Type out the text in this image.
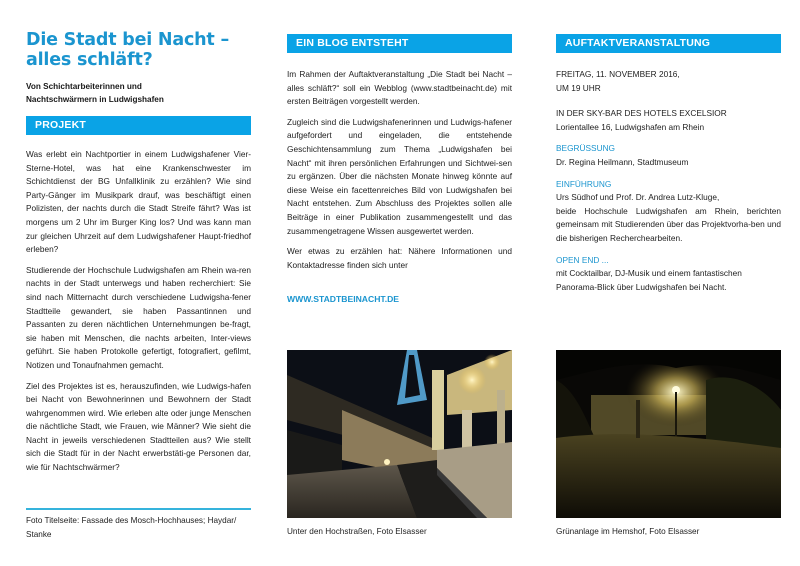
Die Stadt bei Nacht –
alles schläft?
Von Schichtarbeiterinnen und
Nachtschwärmern in Ludwigshafen
PROJEKT

Was erlebt ein Nachtportier in einem Ludwigshafener Vier-Sterne-Hotel, was hat eine Krankenschwester im Schichtdienst der BG Unfallklinik zu erzählen? Wie sind Party-Gänger im Musikpark drauf, was beschäftigt einen Polizisten, der nachts durch die Stadt Streife fährt? Was ist morgens um 2 Uhr im Burger King los? Und was kann man zur gleichen Uhrzeit auf dem Ludwigshafener Haupt-friedhof erleben?

Studierende der Hochschule Ludwigshafen am Rhein wa-ren nachts in der Stadt unterwegs und haben recherchiert: Sie sind nach Mitternacht durch verschiedene Ludwigsha-fener Stadtteile gewandert, sie haben Passantinnen und Passanten zu deren nächtlichen Unternehmungen be-fragt, sie haben mit Menschen, die nachts arbeiten, Inter-views geführt. Sie haben Protokolle gefertigt, fotografiert, gefilmt, Notizen und Tonaufnahmen gemacht.

Ziel des Projektes ist es, herauszufinden, wie Ludwigs-hafen bei Nacht von Bewohnerinnen und Bewohnern der Stadt wahrgenommen wird. Wie erleben alte oder junge Menschen die nächtliche Stadt, wie Frauen, wie Männer? Wie sieht die Nacht in jeweils verschiedenen Stadtteilen aus? Wie stellt sich die Stadt für in der Nacht erwerbstäti-ge Personen dar, wie für Nachtschwärmer?

Foto Titelseite: Fassade des Mosch-Hochhauses; Haydar/ Stanke
EIN BLOG ENTSTEHT

Im Rahmen der Auftaktveranstaltung „Die Stadt bei Nacht – alles schläft?“ soll ein Webblog (www.stadtbeinacht.de) mit ersten Beiträgen vorgestellt werden.

Zugleich sind die Ludwigshafenerinnen und Ludwigs-hafener aufgefordert und eingeladen, die entstehende Geschichtensammlung zum Thema „Ludwigshafen bei Nacht“ mit ihren persönlichen Erfahrungen und Sichtwei-sen zu ergänzen. Über die nächsten Monate hinweg könnte auf diese Weise ein facettenreiches Bild von Ludwigshafen bei Nacht entstehen. Zum Abschluss des Projektes sollen alle Beiträge in einer Publikation zusammengestellt und das zusammengetragene Wissen ausgewertet werden.

Wer etwas zu erzählen hat: Nähere Informationen und Kontaktadresse finden sich unter

WWW.STADTBEINACHT.DE
Unter den Hochstraßen, Foto Elsasser
AUFTAKTVERANSTALTUNG
FREITAG, 11. NOVEMBER 2016,
UM 19 UHR
IN DER SKY-BAR DES HOTELS EXCELSIOR
Lorientallee 16, Ludwigshafen am Rhein
BEGRÜSSUNG
Dr. Regina Heilmann, Stadtmuseum
EINFÜHRUNG
Urs Südhof und Prof. Dr. Andrea Lutz-Kluge,
beide Hochschule Ludwigshafen am Rhein, berichten gemeinsam mit Studierenden über das Projektvorha-ben und die bisherigen Recherchearbeiten.
OPEN END ...
mit Cocktailbar, DJ-Musik und einem fantastischen Panorama-Blick über Ludwigshafen bei Nacht.
Grünanlage im Hemshof, Foto Elsasser
